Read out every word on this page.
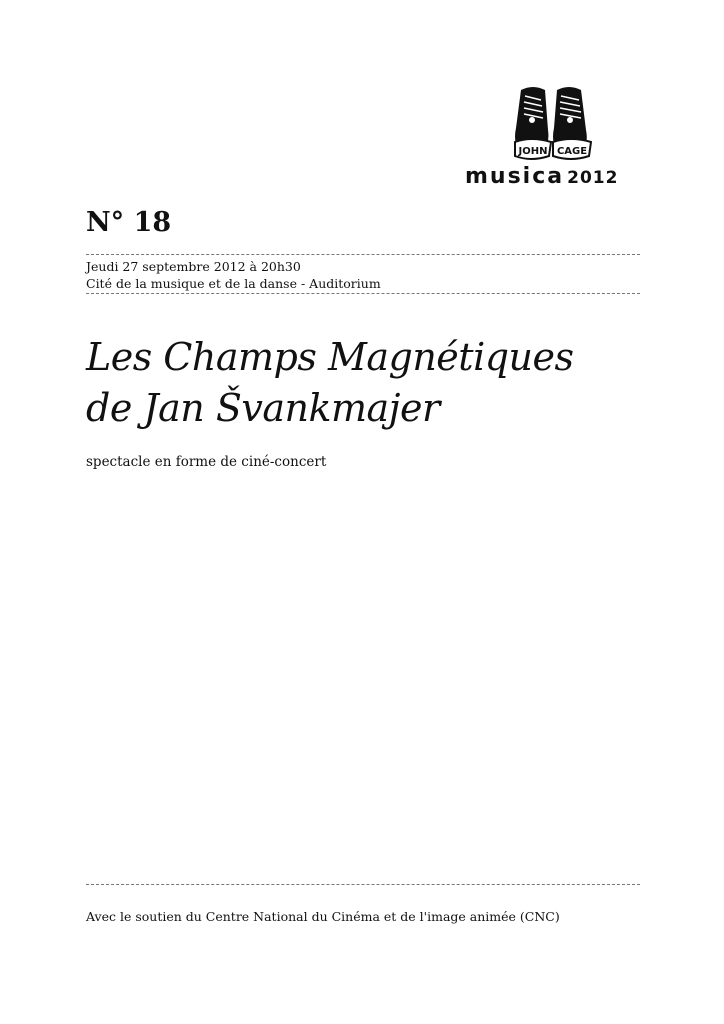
JOHN CAGE
musica 2012
N° 18
Jeudi 27 septembre 2012 à 20h30
Cité de la musique et de la danse - Auditorium
Les Champs Magnétiques
de Jan Švankmajer
spectacle en forme de ciné-concert
Avec le soutien du Centre National du Cinéma et de l'image animée (CNC)
